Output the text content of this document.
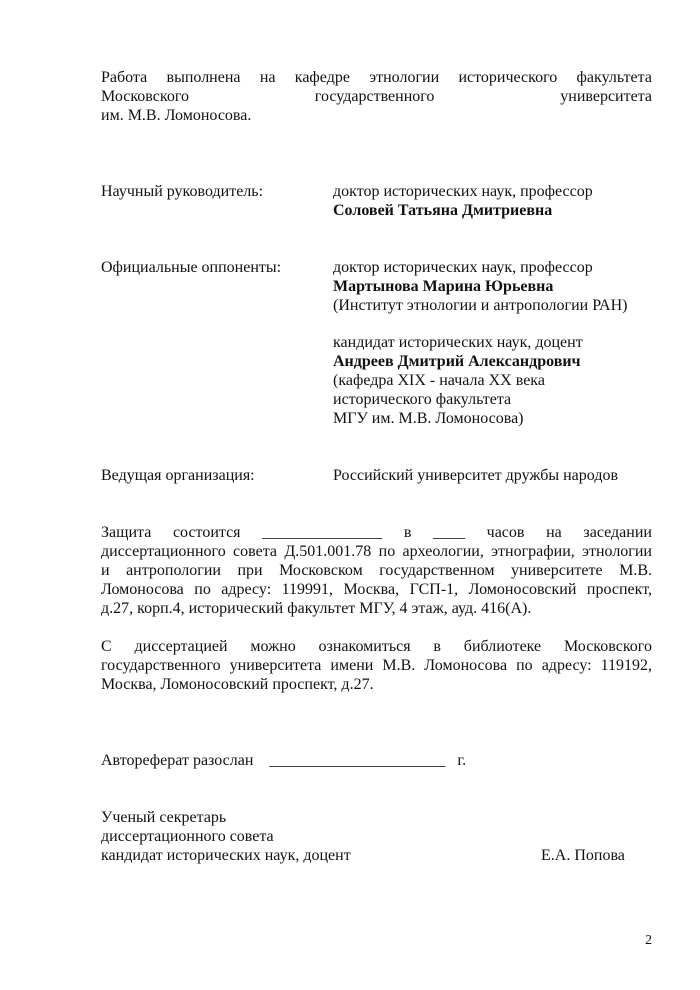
Работа выполнена на кафедре этнологии исторического факультета
Московского	государственного	университета
им. М.В. Ломоносова.
Научный руководитель:	доктор исторических наук, профессор
Соловей Татьяна Дмитриевна
Официальные оппоненты:	доктор исторических наук, профессор
Мартынова Марина Юрьевна
(Институт этнологии и антропологии РАН)
кандидат исторических наук, доцент
Андреев Дмитрий Александрович
(кафедра XIX - начала XX века
исторического факультета
МГУ им. М.В. Ломоносова)
Ведущая организация:	Российский университет дружбы народов
Защита состоится _______________ в ____ часов на заседании
диссертационного совета Д.501.001.78 по археологии, этнографии, этнологии
и антропологии при Московском государственном университете М.В.
Ломоносова по адресу: 119991, Москва, ГСП-1, Ломоносовский проспект,
д.27, корп.4, исторический факультет МГУ, 4 этаж, ауд. 416(А).
С диссертацией можно ознакомиться в библиотеке Московского
государственного университета имени М.В. Ломоносова по адресу: 119192,
Москва, Ломоносовский проспект, д.27.
Автореферат разослан ______________________ г.
Ученый секретарь
диссертационного совета
кандидат исторических наук, доцент	Е.А. Попова
2
